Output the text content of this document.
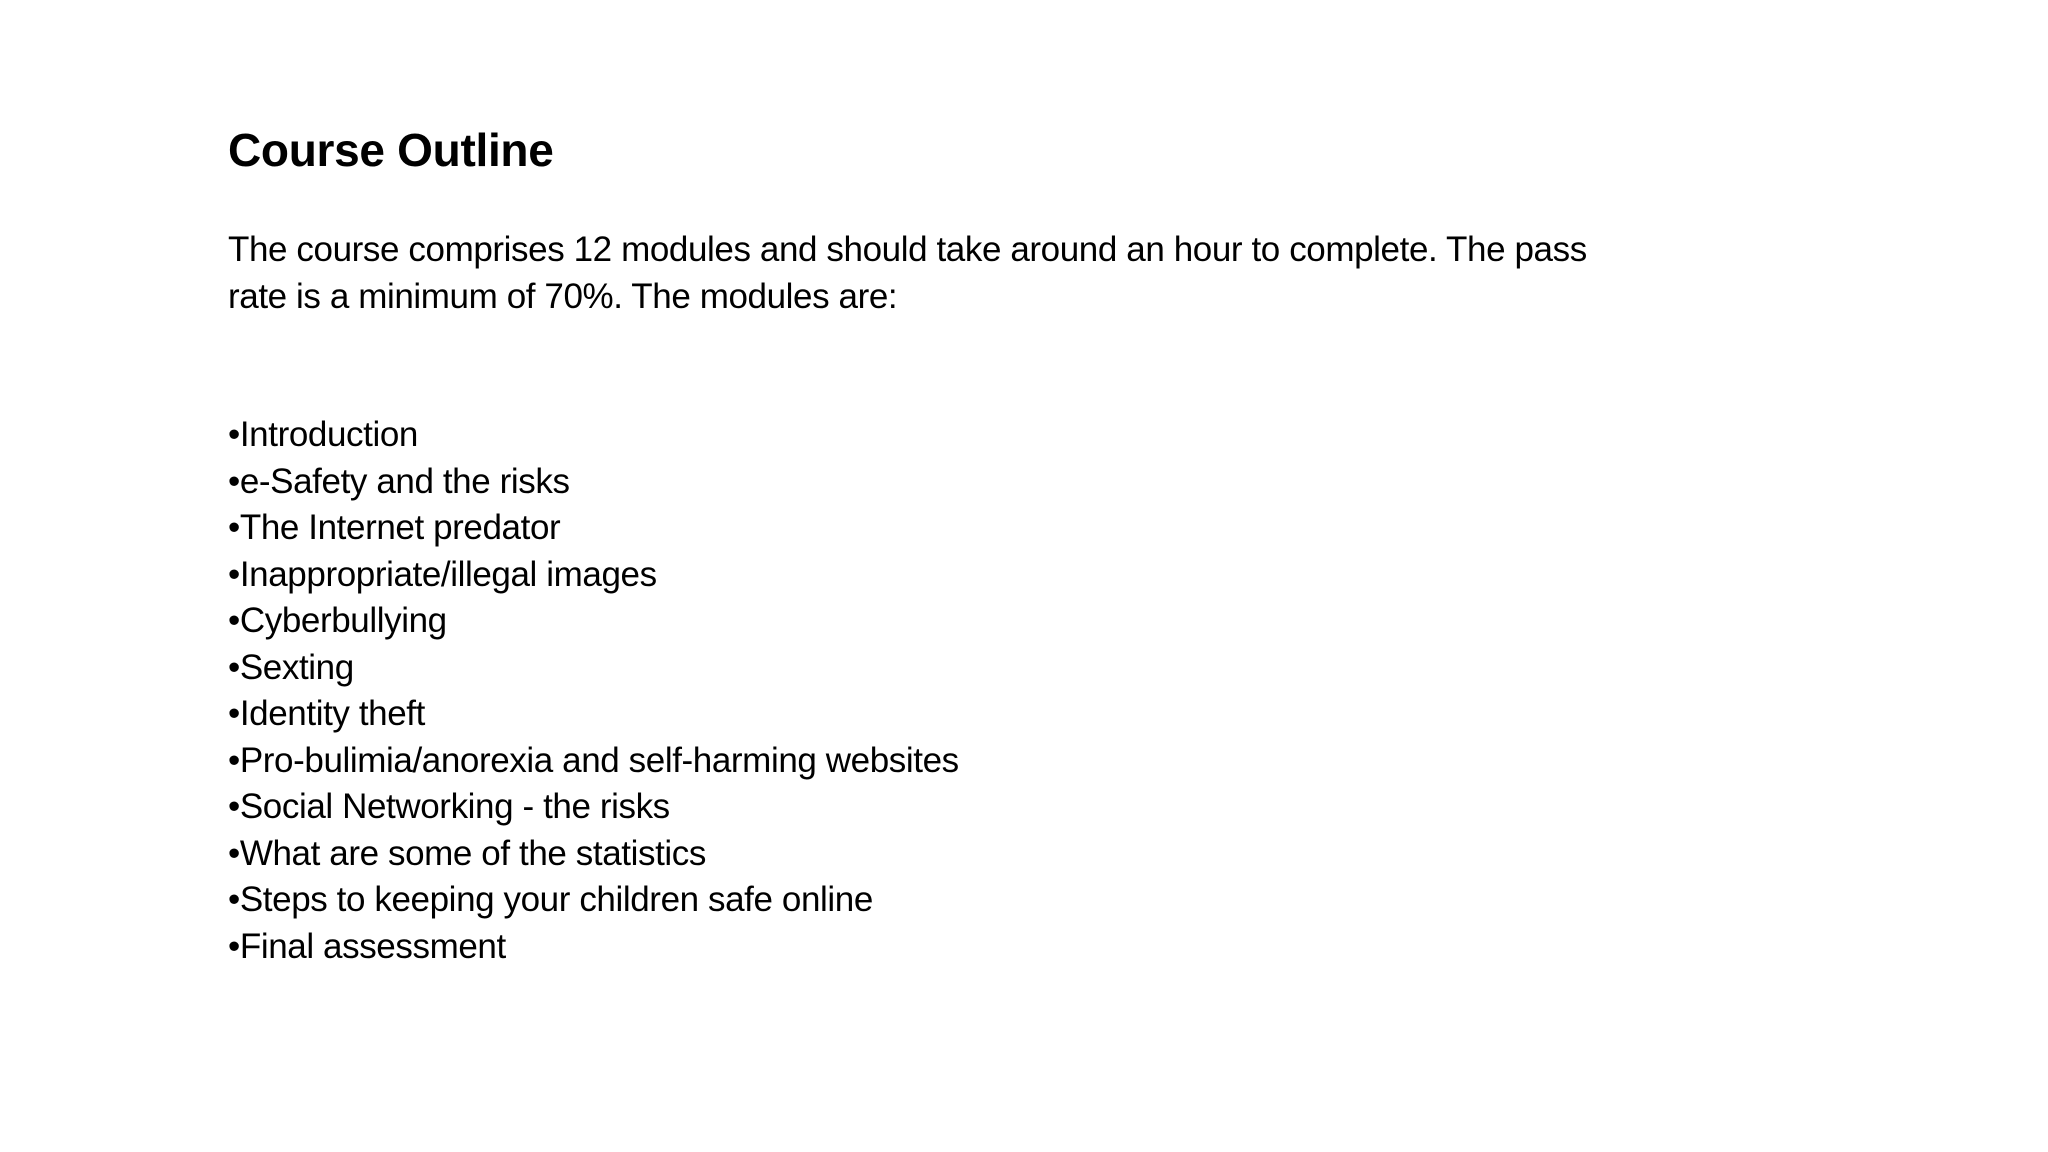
Course Outline

The course comprises 12 modules and should take around an hour to complete. The pass
rate is a minimum of 70%. The modules are:

•Introduction
•e-Safety and the risks
•The Internet predator
•Inappropriate/illegal images
•Cyberbullying
•Sexting
•Identity theft
•Pro-bulimia/anorexia and self-harming websites
•Social Networking - the risks
•What are some of the statistics
•Steps to keeping your children safe online
•Final assessment
